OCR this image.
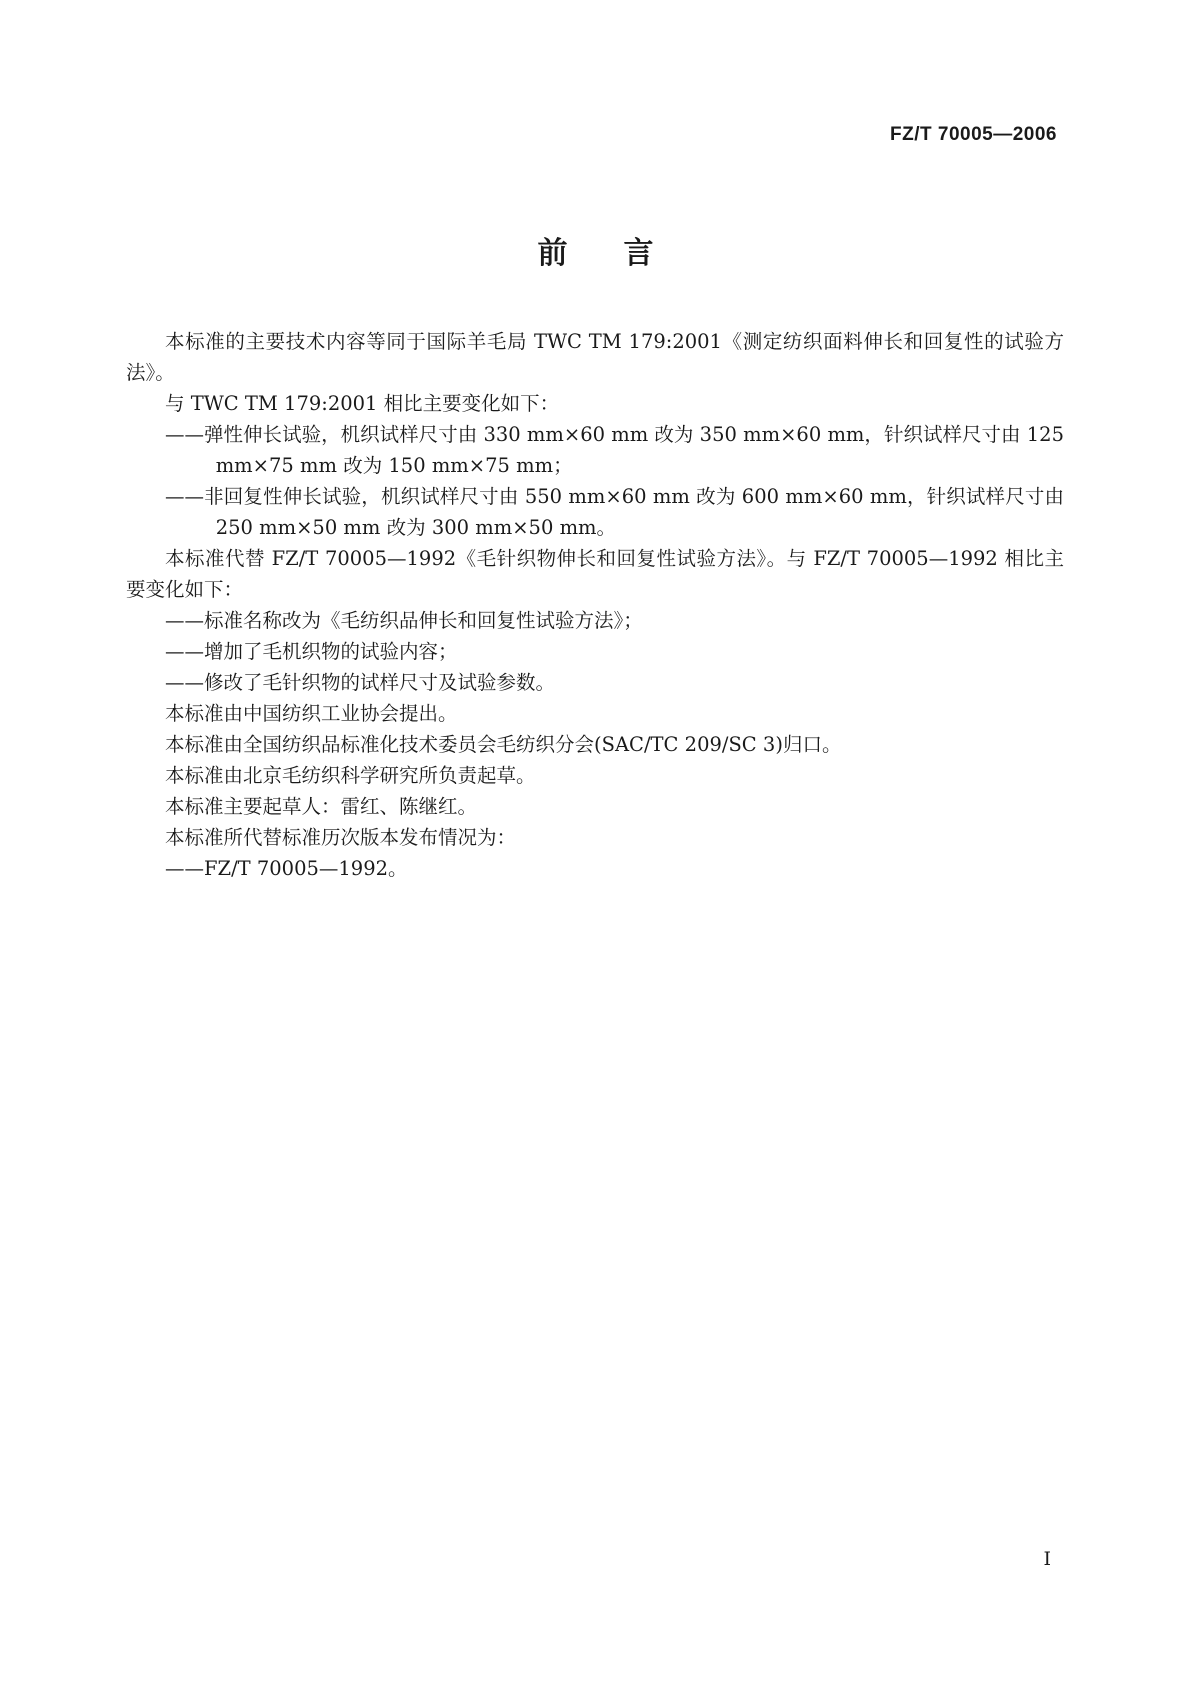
FZ/T 70005—2006
前言

本标准的主要技术内容等同于国际羊毛局 TWC TM 179:2001《测定纺织面料伸长和回复性的试验方法》。

与 TWC TM 179:2001 相比主要变化如下：

——弹性伸长试验，机织试样尺寸由 330 mm×60 mm 改为 350 mm×60 mm，针织试样尺寸由 125 mm×75 mm 改为 150 mm×75 mm；

——非回复性伸长试验，机织试样尺寸由 550 mm×60 mm 改为 600 mm×60 mm，针织试样尺寸由 250 mm×50 mm 改为 300 mm×50 mm。

本标准代替 FZ/T 70005—1992《毛针织物伸长和回复性试验方法》。与 FZ/T 70005—1992 相比主要变化如下：

——标准名称改为《毛纺织品伸长和回复性试验方法》；

——增加了毛机织物的试验内容；

——修改了毛针织物的试样尺寸及试验参数。

本标准由中国纺织工业协会提出。

本标准由全国纺织品标准化技术委员会毛纺织分会(SAC/TC 209/SC 3)归口。

本标准由北京毛纺织科学研究所负责起草。

本标准主要起草人：雷红、陈继红。

本标准所代替标准历次版本发布情况为：

——FZ/T 70005—1992。

I
